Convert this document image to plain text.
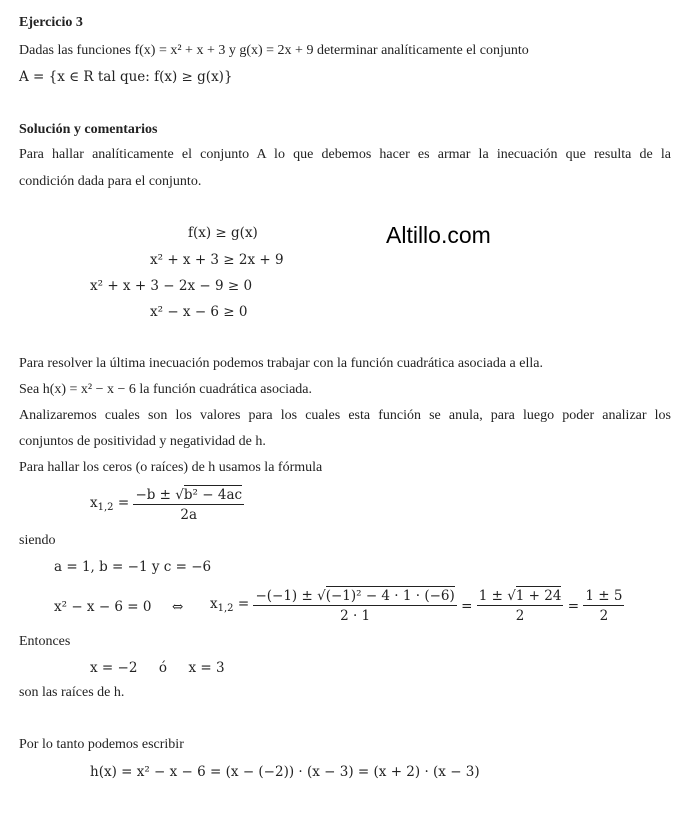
Ejercicio 3
Dadas las funciones f(x) = x² + x + 3 y g(x) = 2x + 9 determinar analíticamente el conjunto
A = {x ∈ R tal que: f(x) ≥ g(x)}
Solución y comentarios
Para hallar analíticamente el conjunto A lo que debemos hacer es armar la inecuación que resulta de la
condición dada para el conjunto.
f(x) ≥ g(x)
x² + x + 3 ≥ 2x + 9
x² + x + 3 − 2x − 9 ≥ 0
x² − x − 6 ≥ 0
Altillo.com
Para resolver la última inecuación podemos trabajar con la función cuadrática asociada a ella.
Sea h(x) = x² − x − 6 la función cuadrática asociada.
Analizaremos cuales son los valores para los cuales esta función se anula, para luego poder analizar los
conjuntos de positividad y negatividad de h.
Para hallar los ceros (o raíces) de h usamos la fórmula
$x_{1,2} = \frac{\text{−b ± √b² − 4ac}}{2a}$
siendo
a = 1, b = −1 y c = −6
x² − x − 6 = 0 ⇔ $x_{1,2} = \frac{\text{−(−1) ± √(−1)² − 4 · 1 · (−6)}}{2 \cdot 1} = \frac{1 \pm √1 + 24}{2} = \frac{1 \pm 5}{2}$
Entonces
x = −2     ó     x = 3
son las raíces de h.
Por lo tanto podemos escribir
h(x) = x² − x − 6 = (x − (−2)) · (x − 3) = (x + 2) · (x − 3)
